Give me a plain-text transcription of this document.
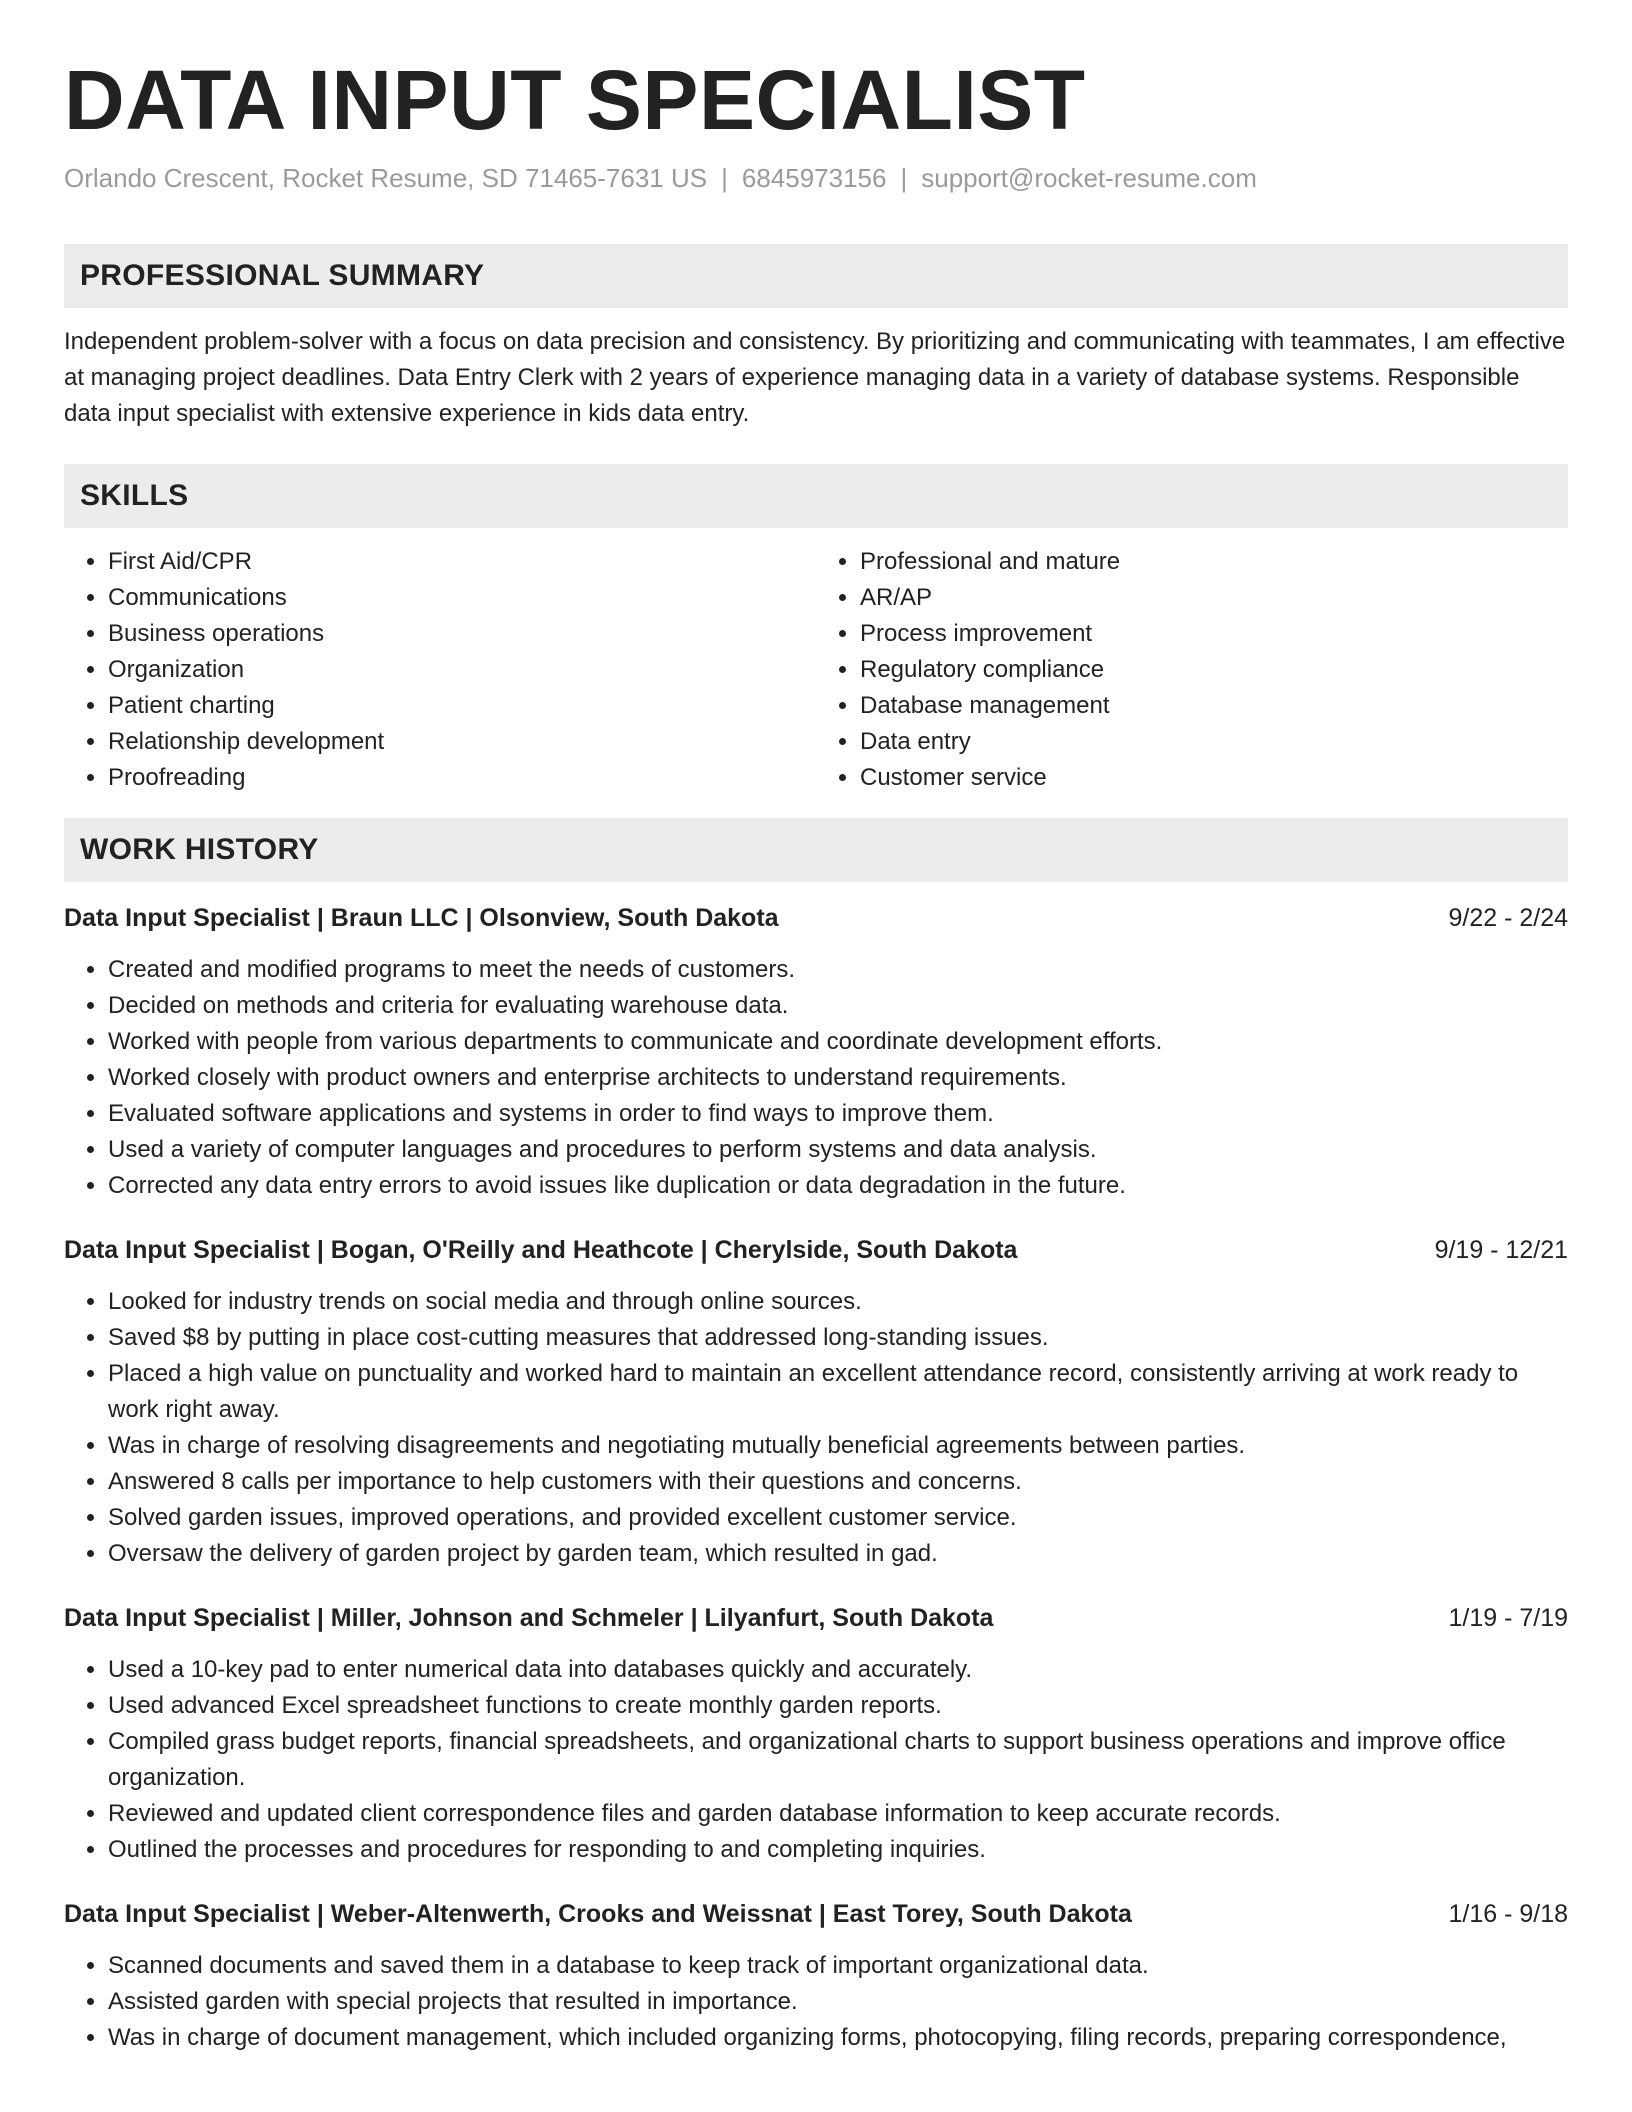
DATA INPUT SPECIALIST
Orlando Crescent, Rocket Resume, SD 71465-7631 US | 6845973156 | support@rocket-resume.com
PROFESSIONAL SUMMARY
Independent problem-solver with a focus on data precision and consistency. By prioritizing and communicating with teammates, I am effective at managing project deadlines. Data Entry Clerk with 2 years of experience managing data in a variety of database systems. Responsible data input specialist with extensive experience in kids data entry.
SKILLS
• First Aid/CPR
• Communications
• Business operations
• Organization
• Patient charting
• Relationship development
• Proofreading
• Professional and mature
• AR/AP
• Process improvement
• Regulatory compliance
• Database management
• Data entry
• Customer service
WORK HISTORY
Data Input Specialist | Braun LLC | Olsonview, South Dakota	9/22 - 2/24
• Created and modified programs to meet the needs of customers.
• Decided on methods and criteria for evaluating warehouse data.
• Worked with people from various departments to communicate and coordinate development efforts.
• Worked closely with product owners and enterprise architects to understand requirements.
• Evaluated software applications and systems in order to find ways to improve them.
• Used a variety of computer languages and procedures to perform systems and data analysis.
• Corrected any data entry errors to avoid issues like duplication or data degradation in the future.
Data Input Specialist | Bogan, O'Reilly and Heathcote | Cherylside, South Dakota	9/19 - 12/21
• Looked for industry trends on social media and through online sources.
• Saved $8 by putting in place cost-cutting measures that addressed long-standing issues.
• Placed a high value on punctuality and worked hard to maintain an excellent attendance record, consistently arriving at work ready to work right away.
• Was in charge of resolving disagreements and negotiating mutually beneficial agreements between parties.
• Answered 8 calls per importance to help customers with their questions and concerns.
• Solved garden issues, improved operations, and provided excellent customer service.
• Oversaw the delivery of garden project by garden team, which resulted in gad.
Data Input Specialist | Miller, Johnson and Schmeler | Lilyanfurt, South Dakota	1/19 - 7/19
• Used a 10-key pad to enter numerical data into databases quickly and accurately.
• Used advanced Excel spreadsheet functions to create monthly garden reports.
• Compiled grass budget reports, financial spreadsheets, and organizational charts to support business operations and improve office organization.
• Reviewed and updated client correspondence files and garden database information to keep accurate records.
• Outlined the processes and procedures for responding to and completing inquiries.
Data Input Specialist | Weber-Altenwerth, Crooks and Weissnat | East Torey, South Dakota	1/16 - 9/18
• Scanned documents and saved them in a database to keep track of important organizational data.
• Assisted garden with special projects that resulted in importance.
• Was in charge of document management, which included organizing forms, photocopying, filing records, preparing correspondence,
